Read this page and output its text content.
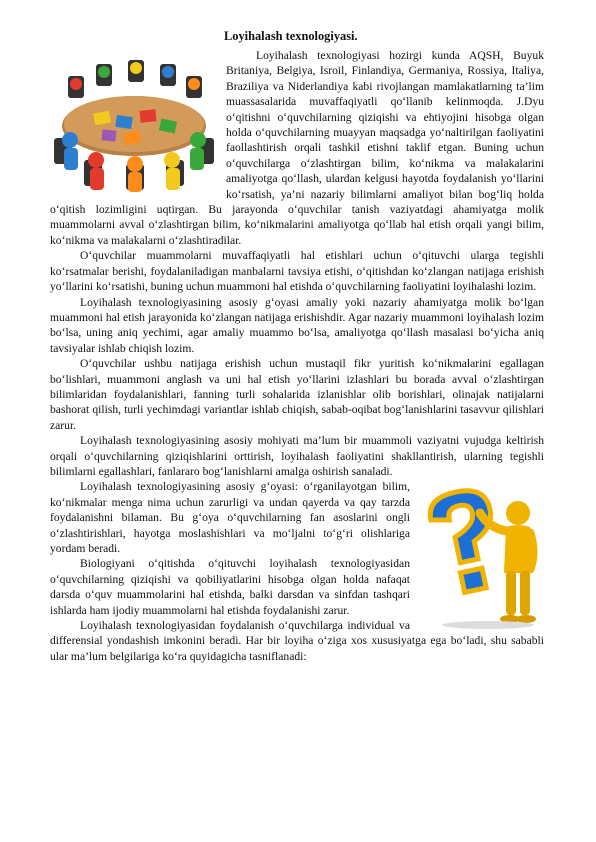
Loyihalash texnologiyasi.

Loyihalash texnologiyasi hozirgi kunda AQSH, Buyuk Britaniya, Belgiya, Isroil, Finlandiya, Germaniya, Rossiya, Italiya, Braziliya va Niderlandiya kabi rivojlangan mamlakatlarning ta’lim muassasalarida muvaffaqiyatli qo‘llanib kelinmoqda. J.Dyu o‘qitishni o‘quvchilarning qiziqishi va ehtiyojini hisobga olgan holda o‘quvchilarning muayyan maqsadga yo‘naltirilgan faoliyatini faollashtirish orqali tashkil etishni taklif etgan. Buning uchun o‘quvchilarga o‘zlashtirgan bilim, ko‘nikma va malakalarini amaliyotga qo‘llash, ulardan kelgusi hayotda foydalanish yo‘llarini ko‘rsatish, ya’ni nazariy bilimlarni amaliyot bilan bog‘liq holda o‘qitish lozimligini uqtirgan. Bu jarayonda o‘quvchilar tanish vaziyatdagi ahamiyatga molik muammolarni avval o‘zlashtirgan bilim, ko‘nikmalarini amaliyotga qo‘llab hal etish orqali yangi bilim, ko‘nikma va malakalarni o‘zlashtiradilar.

O‘quvchilar muammolarni muvaffaqiyatli hal etishlari uchun o‘qituvchi ularga tegishli ko‘rsatmalar berishi, foydalaniladigan manbalarni tavsiya etishi, o‘qitishdan ko‘zlangan natijaga erishish yo‘llarini ko‘rsatishi, buning uchun muammoni hal etishda o‘quvchilarning faoliyatini loyihalashi lozim.

Loyihalash texnologiyasining asosiy g‘oyasi amaliy yoki nazariy ahamiyatga molik bo‘lgan muammoni hal etish jarayonida ko‘zlangan natijaga erishishdir. Agar nazariy muammoni loyihalash lozim bo‘lsa, uning aniq yechimi, agar amaliy muammo bo‘lsa, amaliyotga qo‘llash masalasi bo‘yicha aniq tavsiyalar ishlab chiqish lozim.

O‘quvchilar ushbu natijaga erishish uchun mustaqil fikr yuritish ko‘nikmalarini egallagan bo‘lishlari, muammoni anglash va uni hal etish yo‘llarini izlashlari bu borada avval o‘zlashtirgan bilimlaridan foydalanishlari, fanning turli sohalarida izlanishlar olib borishlari, olinajak natijalarni bashorat qilish, turli yechimdagi variantlar ishlab chiqish, sabab-oqibat bog‘lanishlarini tasavvur qilishlari zarur.

Loyihalash texnologiyasining asosiy mohiyati ma’lum bir muammoli vaziyatni vujudga keltirish orqali o‘quvchilarning qiziqishlarini orttirish, loyihalash faoliyatini shakllantirish, ularning tegishli bilimlarni egallashlari, fanlararo bog‘lanishlarni amalga oshirish sanaladi.

Loyihalash texnologiyasining asosiy g‘oyasi: o‘rganilayotgan bilim, ko‘nikmalar menga nima uchun zarurligi va undan qayerda va qay tarzda foydalanishni bilaman. Bu g‘oya o‘quvchilarning fan asoslarini ongli o‘zlashtirishlari, hayotga moslashishlari va mo‘ljalni to‘g‘ri olishlariga yordam beradi.

Biologiyani o‘qitishda o‘qituvchi loyihalash texnologiyasidan o‘quvchilarning qiziqishi va qobiliyatlarini hisobga olgan holda nafaqat darsda o‘quv muammolarini hal etishda, balki darsdan va sinfdan tashqari ishlarda ham ijodiy muammolarni hal etishda foydalanishi zarur.

Loyihalash texnologiyasidan foydalanish o‘quvchilarga individual va differensial yondashish imkonini beradi. Har bir loyiha o‘ziga xos xususiyatga ega bo‘ladi, shu sababli ular ma’lum belgilariga ko‘ra quyidagicha tasniflanadi:
